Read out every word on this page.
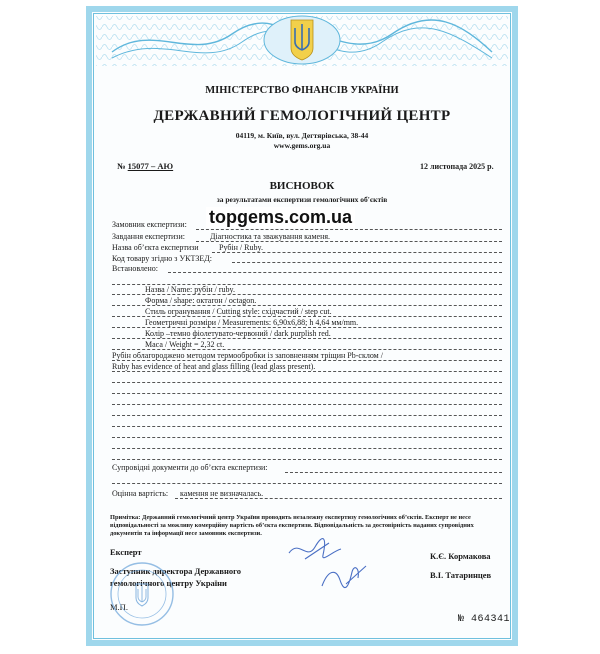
МІНІСТЕРСТВО ФІНАНСІВ УКРАЇНИ
ДЕРЖАВНИЙ ГЕМОЛОГІЧНИЙ ЦЕНТР
04119, м. Київ, вул. Дегтярівська, 38-44
www.gems.org.ua
№ 15077 – АЮ	12 листопада 2025 р.
ВИСНОВОК
за результатами експертизи гемологічних об'єктів
Замовник експертизи:
Завдання експертизи:	Діагностика та зважування каменя.
Назва об’єкта експертизи	Рубін / Ruby.
Код товару згідно з УКТЗЕД:
Встановлено:
Назва / Name: рубін / ruby.
Форма / shape: октагон / octagon.
Стиль огранування / Cutting style: східчастий / step cut.
Геометричні розміри / Measurements: 6,90x6,88; h 4,64 мм/mm.
Колір –темно фіолетувато-червоний / dark purplish red.
Маса / Weight = 2,32 ct.
Рубін облагороджено методом термообробки із заповненням тріщин Pb-склом /
Ruby has evidence of heat and glass filling (lead glass present).
Супровідні документи до об’єкта експертизи:
Оцінна вартість: камення не визначалась.
Примітка: Державний гемологічний центр України проводить незалежну експертизу гемологічних об’єктів. Експерт не несе відповідальності за можливу комерційну вартість об’єкта експертизи. Відповідальність за достовірність наданих супровідних документів та інформації несе замовник експертизи.
Експерт	К.Є. Кормакова
Заступник директора Державного
гемологічного центру України
В.І. Татаринцев
М.П.
№ 464341
topgems.com.ua
